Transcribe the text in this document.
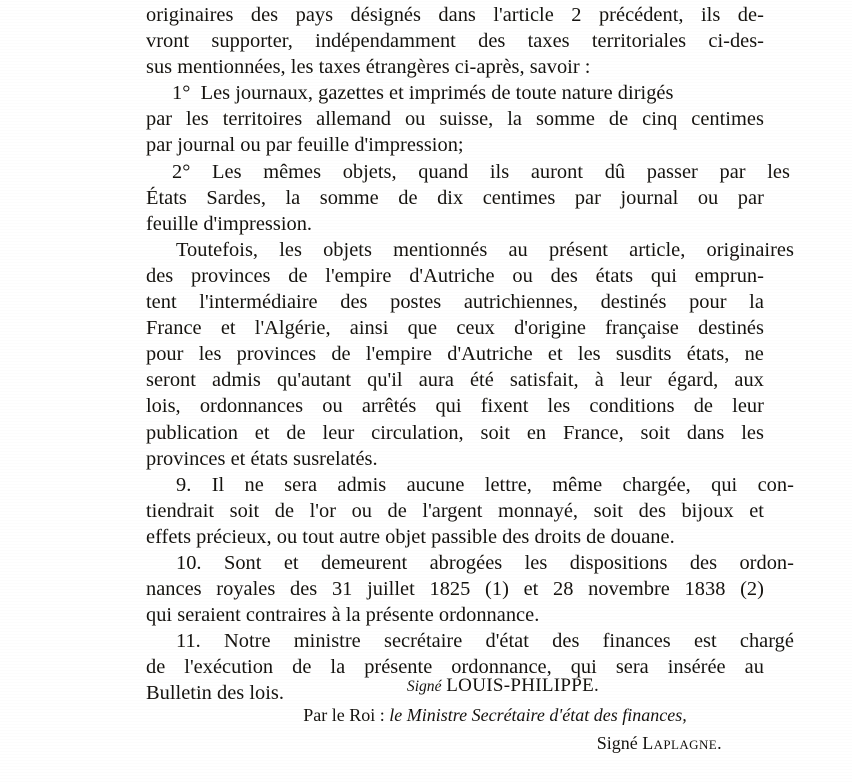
originaires des pays désignés dans l'article 2 précédent, ils de-
vront supporter, indépendamment des taxes territoriales ci-des-
sus mentionnées, les taxes étrangères ci-après, savoir :
1°  Les journaux, gazettes et imprimés de toute nature dirigés
par les territoires allemand ou suisse, la somme de cinq centimes
par journal ou par feuille d'impression;
2° Les mêmes objets, quand ils auront dû passer par les
États Sardes, la somme de dix centimes par journal ou par
feuille d'impression.
Toutefois, les objets mentionnés au présent article, originaires
des provinces de l'empire d'Autriche ou des états qui emprun-
tent l'intermédiaire des postes autrichiennes, destinés pour la
France et l'Algérie, ainsi que ceux d'origine française destinés
pour les provinces de l'empire d'Autriche et les susdits états, ne
seront admis qu'autant qu'il aura été satisfait, à leur égard, aux
lois, ordonnances ou arrêtés qui fixent les conditions de leur
publication et de leur circulation, soit en France, soit dans les
provinces et états susrelatés.
9. Il ne sera admis aucune lettre, même chargée, qui con-
tiendrait soit de l'or ou de l'argent monnayé, soit des bijoux et
effets précieux, ou tout autre objet passible des droits de douane.
10. Sont et demeurent abrogées les dispositions des ordon-
nances royales des 31 juillet 1825 (1) et 28 novembre 1838 (2)
qui seraient contraires à la présente ordonnance.
11. Notre ministre secrétaire d'état des finances est chargé
de l'exécution de la présente ordonnance, qui sera insérée au
Bulletin des lois.	Signé LOUIS-PHILIPPE.
Par le Roi : le Ministre Secrétaire d'état des finances,
Signé Laplagne.
